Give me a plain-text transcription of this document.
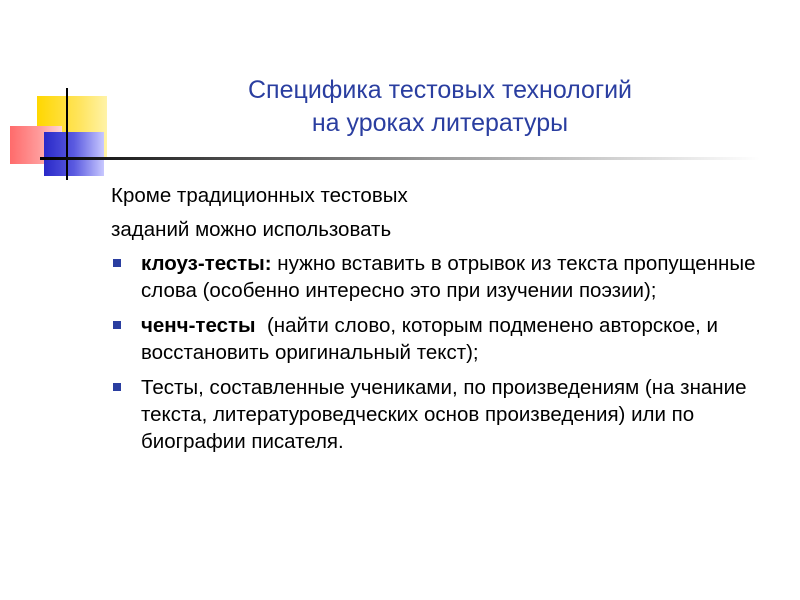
Специфика тестовых технологий
на уроках литературы

Кроме традиционных тестовых

заданий можно использовать

клоуз-тесты: нужно вставить в отрывок из текста пропущенные слова (особенно интересно это при изучении поэзии);
ченч-тесты  (найти слово, которым подменено авторское, и восстановить оригинальный текст);
Тесты, составленные учениками, по произведениям (на знание текста, литературоведческих основ произведения) или по биографии писателя.
